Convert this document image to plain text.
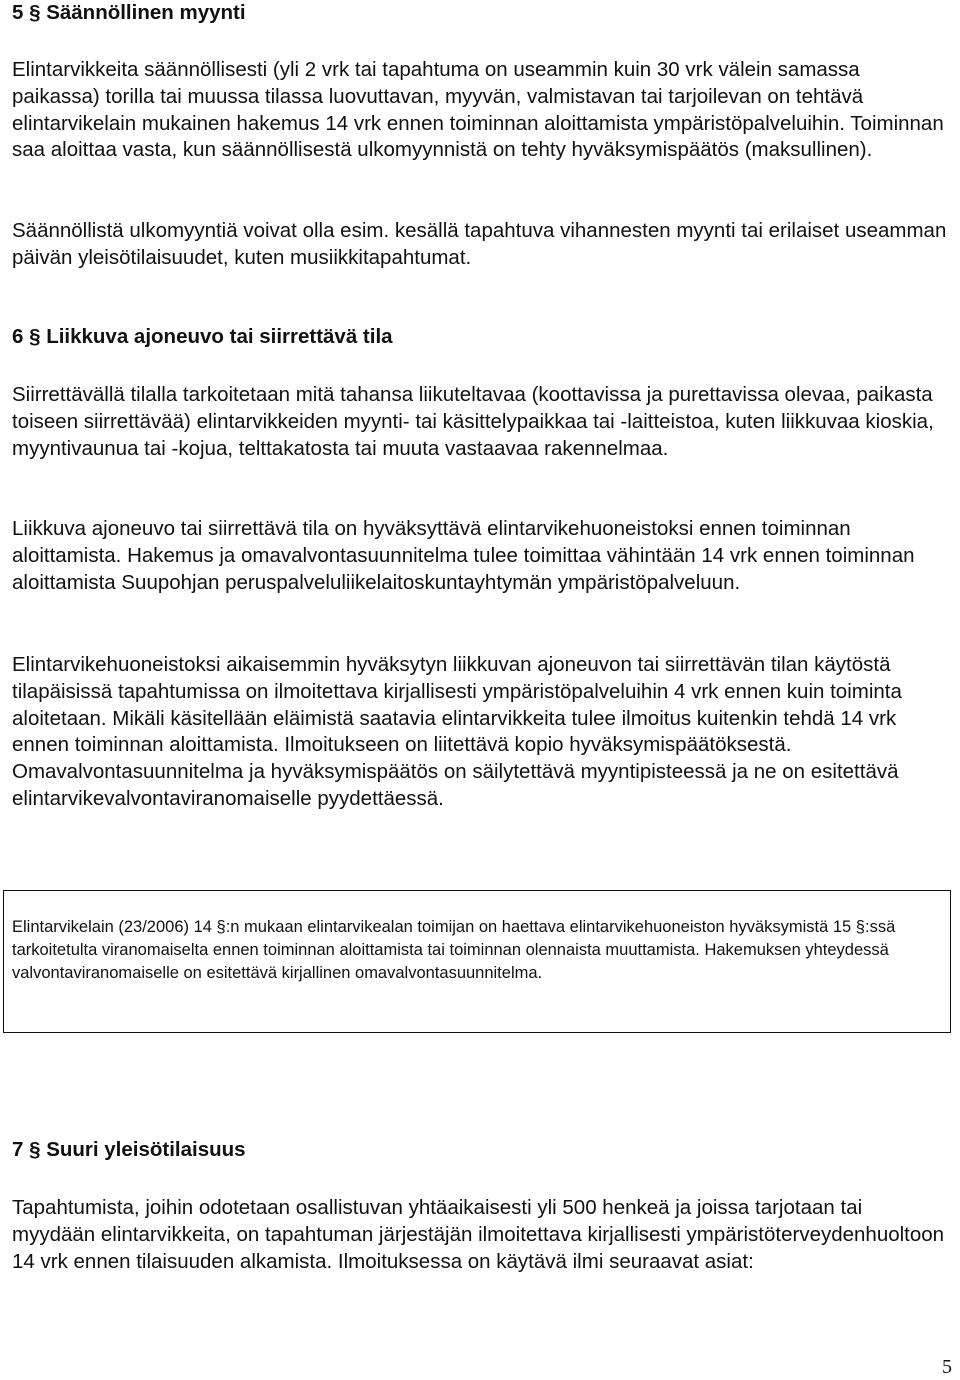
5 § Säännöllinen myynti

Elintarvikkeita säännöllisesti (yli 2 vrk tai tapahtuma on useammin kuin 30 vrk välein samassa paikassa) torilla tai muussa tilassa luovuttavan, myyvän, valmistavan tai tarjoilevan on tehtävä elintarvikelain mukainen hakemus 14 vrk ennen toiminnan aloittamista ympäristöpalveluihin. Toiminnan saa aloittaa vasta, kun säännöllisestä ulkomyynnistä on tehty hyväksymispäätös (maksullinen).

Säännöllistä ulkomyyntiä voivat olla esim. kesällä tapahtuva vihannesten myynti tai erilaiset useamman päivän yleisötilaisuudet, kuten musiikkitapahtumat.

6 § Liikkuva ajoneuvo tai siirrettävä tila

Siirrettävällä tilalla tarkoitetaan mitä tahansa liikuteltavaa (koottavissa ja purettavissa olevaa, paikasta toiseen siirrettävää) elintarvikkeiden myynti- tai käsittelypaikkaa tai -laitteistoa, kuten liikkuvaa kioskia, myyntivaunua tai -kojua, telttakatosta tai muuta vastaavaa rakennelmaa.

Liikkuva ajoneuvo tai siirrettävä tila on hyväksyttävä elintarvikehuoneistoksi ennen toiminnan aloittamista. Hakemus ja omavalvontasuunnitelma tulee toimittaa vähintään 14 vrk ennen toiminnan aloittamista Suupohjan peruspalveluliikelaitoskuntayhtymän ympäristöpalveluun.

Elintarvikehuoneistoksi aikaisemmin hyväksytyn liikkuvan ajoneuvon tai siirrettävän tilan käytöstä tilapäisissä tapahtumissa on ilmoitettava kirjallisesti ympäristöpalveluihin 4 vrk ennen kuin toiminta aloitetaan. Mikäli käsitellään eläimistä saatavia elintarvikkeita tulee ilmoitus kuitenkin tehdä 14 vrk ennen toiminnan aloittamista. Ilmoitukseen on liitettävä kopio hyväksymispäätöksestä. Omavalvontasuunnitelma ja hyväksymispäätös on säilytettävä myyntipisteessä ja ne on esitettävä elintarvikevalvontaviranomaiselle pyydettäessä.

7 § Suuri yleisötilaisuus

Tapahtumista, joihin odotetaan osallistuvan yhtäaikaisesti yli 500 henkeä ja joissa tarjotaan tai myydään elintarvikkeita, on tapahtuman järjestäjän ilmoitettava kirjallisesti ympäristöterveydenhuoltoon 14 vrk ennen tilaisuuden alkamista. Ilmoituksessa on käytävä ilmi seuraavat asiat:

Elintarvikelain (23/2006) 14 §:n mukaan elintarvikealan toimijan on haettava elintarvikehuoneiston hyväksymistä 15 §:ssä tarkoitetulta viranomaiselta ennen toiminnan aloittamista tai toiminnan olennaista muuttamista. Hakemuksen yhteydessä valvontaviranomaiselle on esitettävä kirjallinen omavalvontasuunnitelma.

5
